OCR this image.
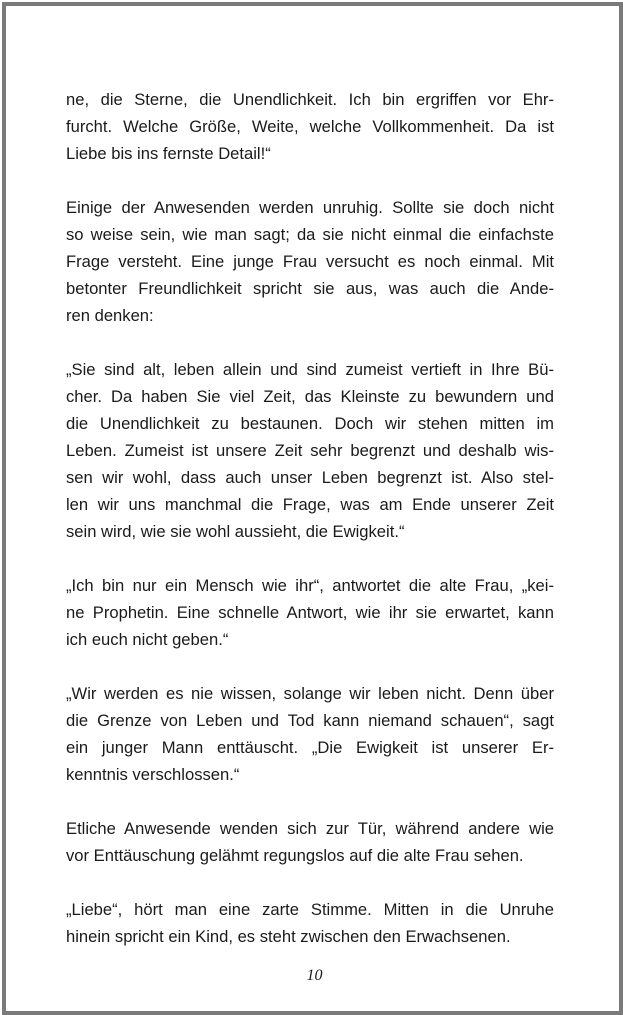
ne, die Sterne, die Unendlichkeit. Ich bin ergriffen vor Ehr-
furcht. Welche Größe, Weite, welche Vollkommenheit. Da ist
Liebe bis ins fernste Detail!“

Einige der Anwesenden werden unruhig. Sollte sie doch nicht
so weise sein, wie man sagt; da sie nicht einmal die einfachste
Frage versteht. Eine junge Frau versucht es noch einmal. Mit
betonter Freundlichkeit spricht sie aus, was auch die Ande-
ren denken:

„Sie sind alt, leben allein und sind zumeist vertieft in Ihre Bü-
cher. Da haben Sie viel Zeit, das Kleinste zu bewundern und
die Unendlichkeit zu bestaunen. Doch wir stehen mitten im
Leben. Zumeist ist unsere Zeit sehr begrenzt und deshalb wis-
sen wir wohl, dass auch unser Leben begrenzt ist. Also stel-
len wir uns manchmal die Frage, was am Ende unserer Zeit
sein wird, wie sie wohl aussieht, die Ewigkeit.“

„Ich bin nur ein Mensch wie ihr“, antwortet die alte Frau, „kei-
ne Prophetin. Eine schnelle Antwort, wie ihr sie erwartet, kann
ich euch nicht geben.“

„Wir werden es nie wissen, solange wir leben nicht. Denn über
die Grenze von Leben und Tod kann niemand schauen“, sagt
ein junger Mann enttäuscht. „Die Ewigkeit ist unserer Er-
kenntnis verschlossen.“

Etliche Anwesende wenden sich zur Tür, während andere wie
vor Enttäuschung gelähmt regungslos auf die alte Frau sehen.

„Liebe“, hört man eine zarte Stimme. Mitten in die Unruhe
hinein spricht ein Kind, es steht zwischen den Erwachsenen.

10
